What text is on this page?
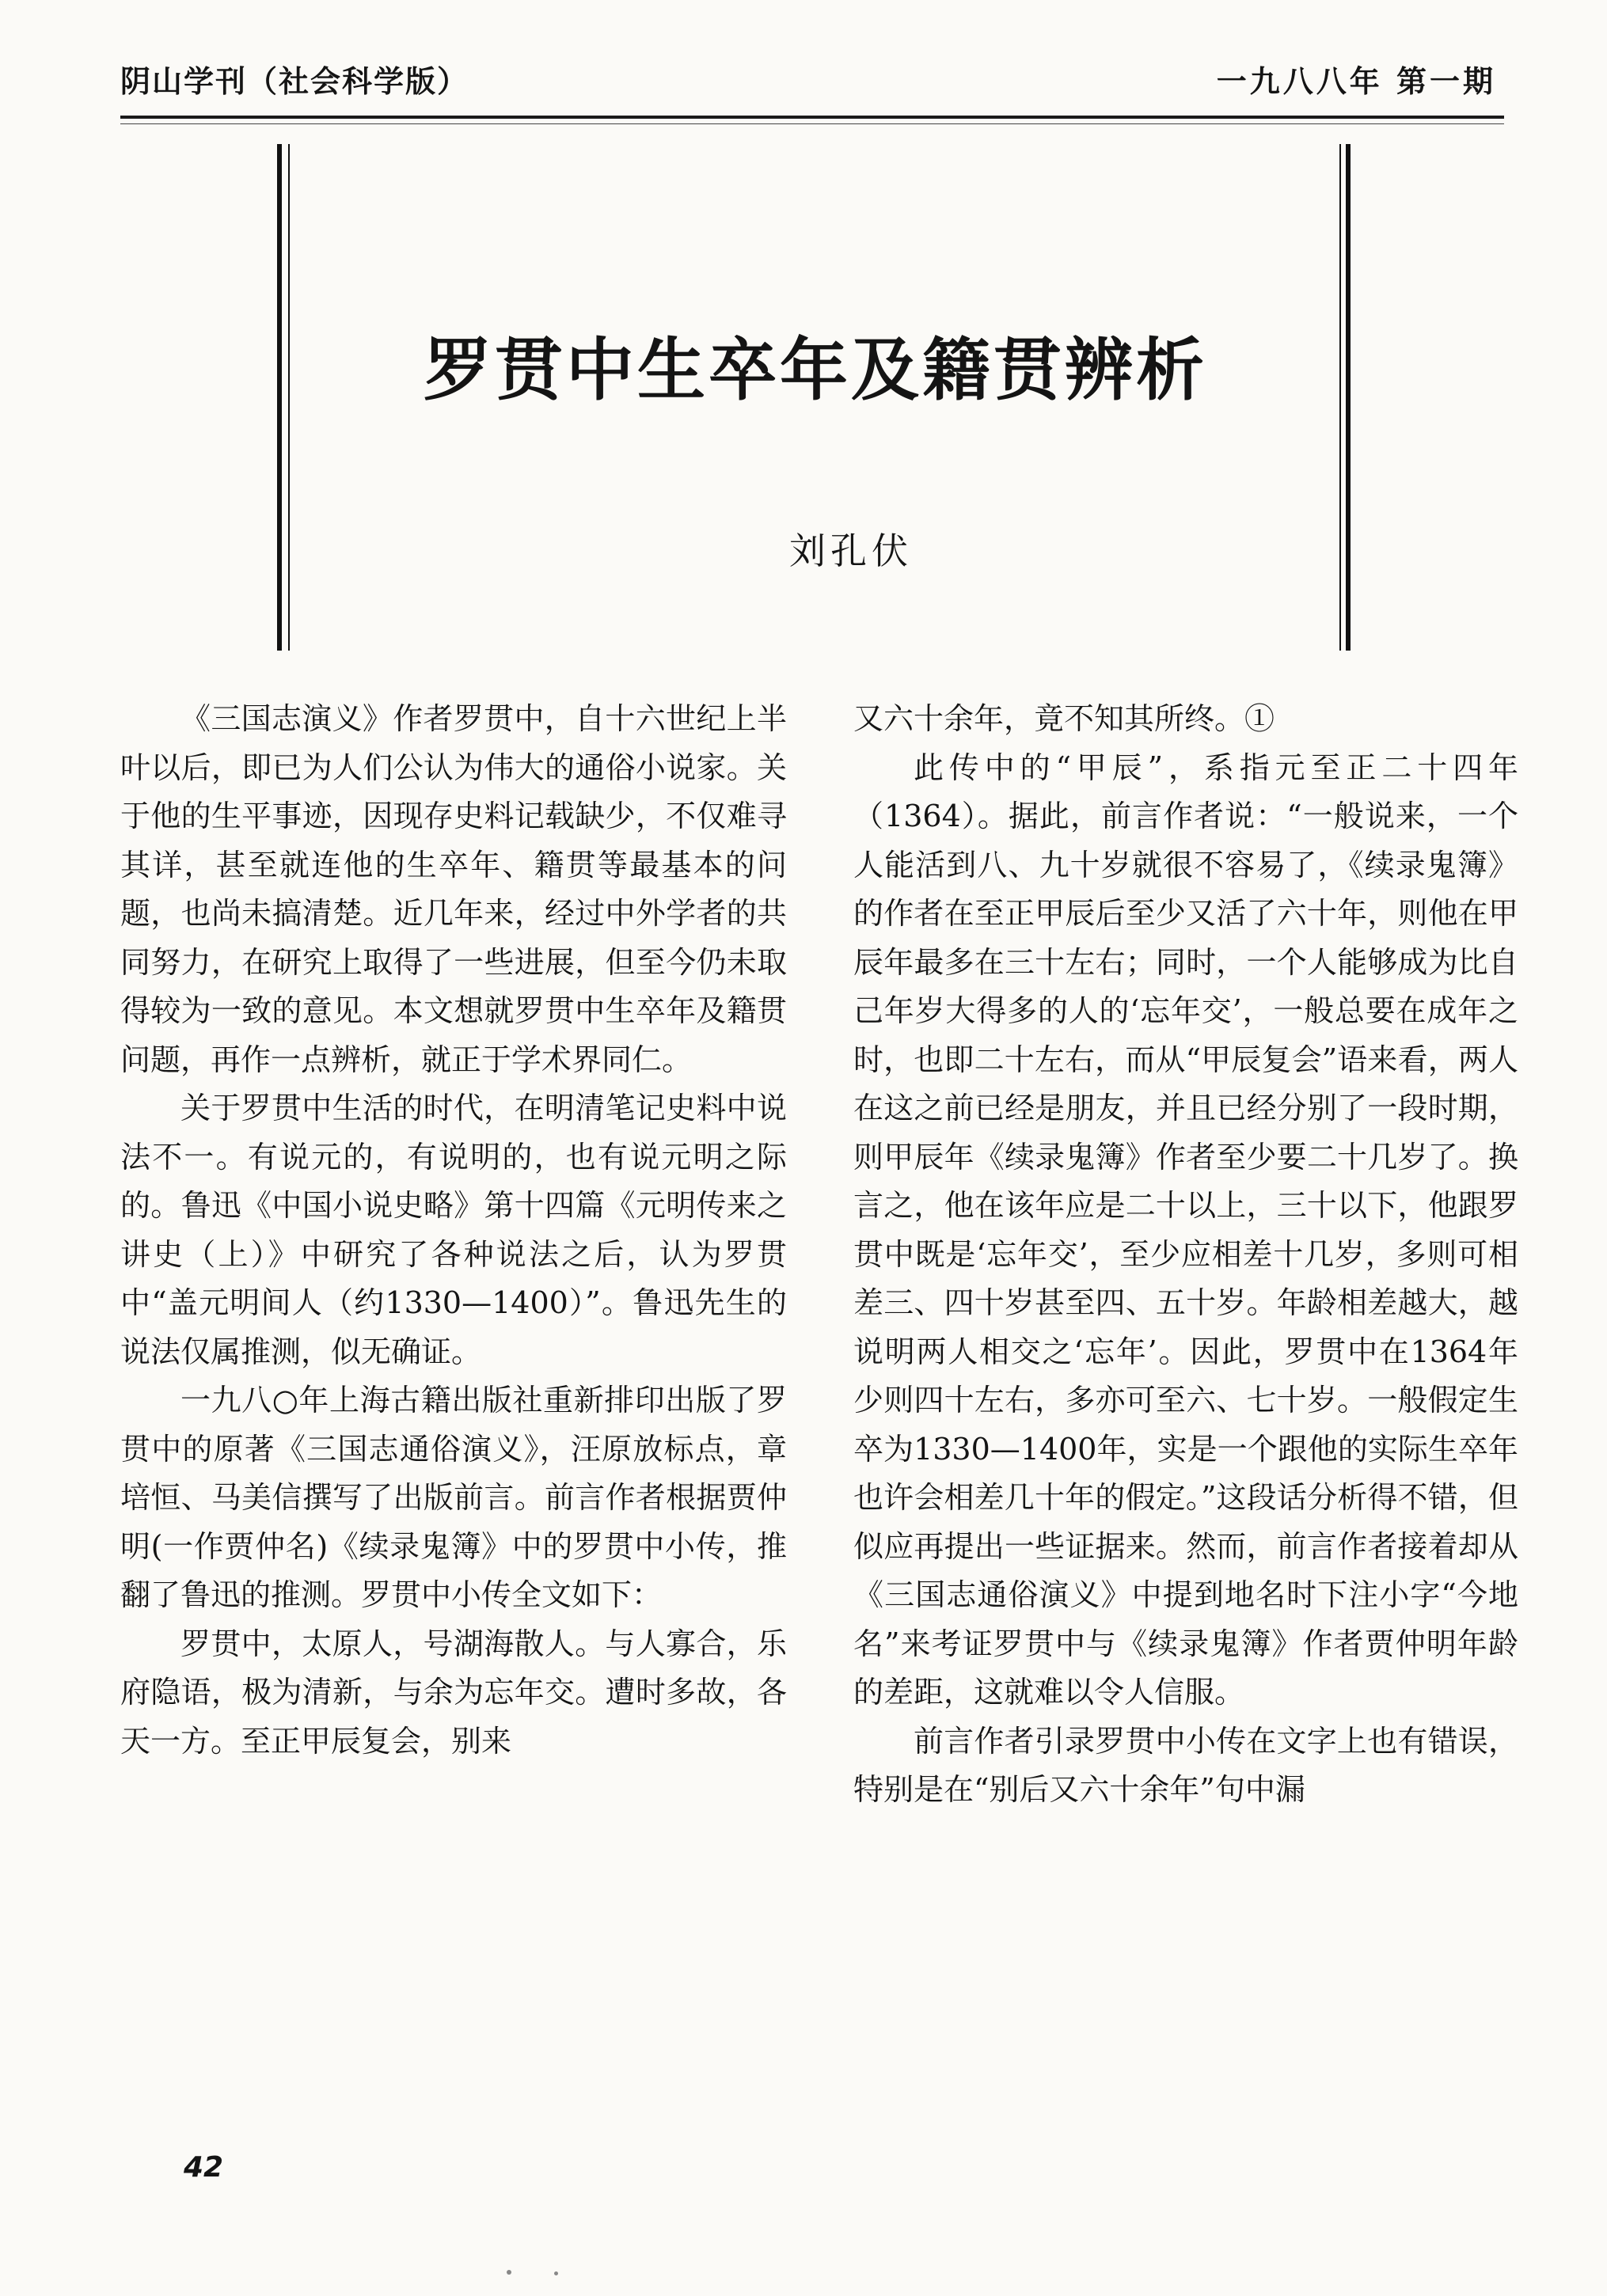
阴山学刊（社会科学版）	一九八八年 第一期
罗贯中生卒年及籍贯辨析
刘孔伏

《三国志演义》作者罗贯中，自十六世纪上半叶以后，即已为人们公认为伟大的通俗小说家。关于他的生平事迹，因现存史料记载缺少，不仅难寻其详，甚至就连他的生卒年、籍贯等最基本的问题，也尚未搞清楚。近几年来，经过中外学者的共同努力，在研究上取得了一些进展，但至今仍未取得较为一致的意见。本文想就罗贯中生卒年及籍贯问题，再作一点辨析，就正于学术界同仁。

关于罗贯中生活的时代，在明清笔记史料中说法不一。有说元的，有说明的，也有说元明之际的。鲁迅《中国小说史略》第十四篇《元明传来之讲史（上）》中研究了各种说法之后，认为罗贯中“盖元明间人（约1330—1400）”。鲁迅先生的说法仅属推测，似无确证。

一九八○年上海古籍出版社重新排印出版了罗贯中的原著《三国志通俗演义》，汪原放标点，章培恒、马美信撰写了出版前言。前言作者根据贾仲明(一作贾仲名)《续录鬼簿》中的罗贯中小传，推翻了鲁迅的推测。罗贯中小传全文如下：

罗贯中，太原人，号湖海散人。与人寡合，乐府隐语，极为清新，与余为忘年交。遭时多故，各天一方。至正甲辰复会，别来

又六十余年，竟不知其所终。①

此传中的“甲辰”，系指元至正二十四年（1364）。据此，前言作者说：“一般说来，一个人能活到八、九十岁就很不容易了，《续录鬼簿》的作者在至正甲辰后至少又活了六十年，则他在甲辰年最多在三十左右；同时，一个人能够成为比自己年岁大得多的人的‘忘年交’，一般总要在成年之时，也即二十左右，而从“甲辰复会”语来看，两人在这之前已经是朋友，并且已经分别了一段时期，则甲辰年《续录鬼簿》作者至少要二十几岁了。换言之，他在该年应是二十以上，三十以下，他跟罗贯中既是‘忘年交’，至少应相差十几岁，多则可相差三、四十岁甚至四、五十岁。年龄相差越大，越说明两人相交之‘忘年’。因此，罗贯中在1364年少则四十左右，多亦可至六、七十岁。一般假定生卒为1330—1400年，实是一个跟他的实际生卒年也许会相差几十年的假定。”这段话分析得不错，但似应再提出一些证据来。然而，前言作者接着却从《三国志通俗演义》中提到地名时下注小字“今地名”来考证罗贯中与《续录鬼簿》作者贾仲明年龄的差距，这就难以令人信服。

前言作者引录罗贯中小传在文字上也有错误，特别是在“别后又六十余年”句中漏

42
